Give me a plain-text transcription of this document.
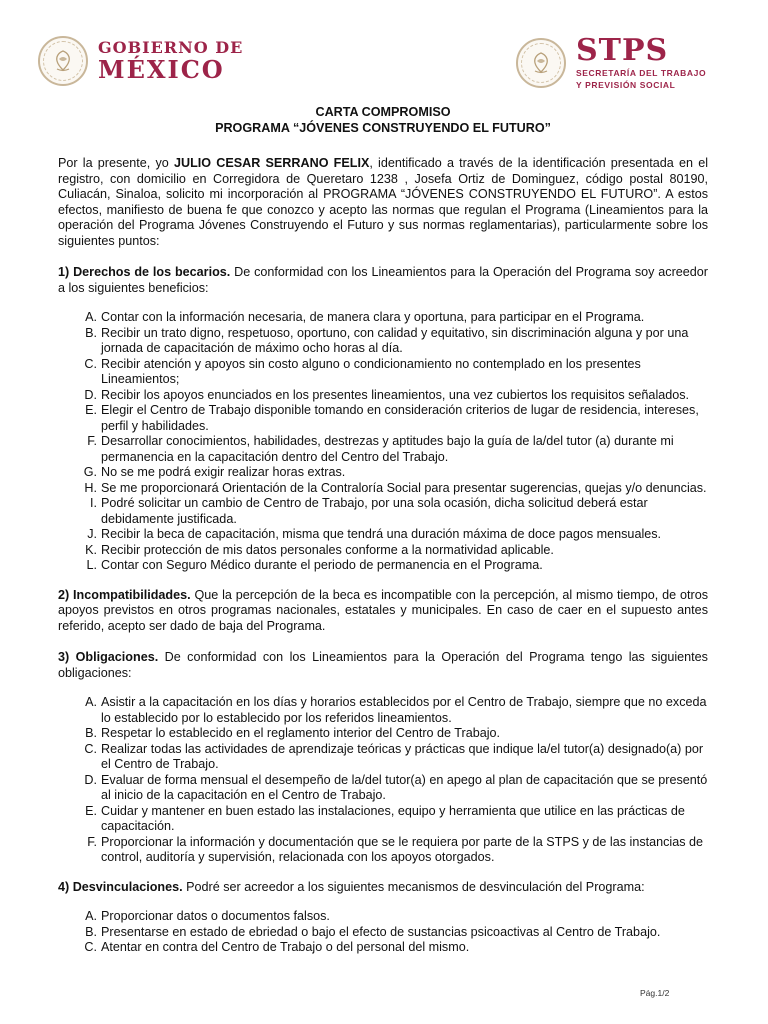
GOBIERNO DE
MÉXICO
STPS
SECRETARÍA DEL TRABAJO
Y PREVISIÓN SOCIAL
CARTA COMPROMISO
PROGRAMA “JÓVENES CONSTRUYENDO EL FUTURO”

Por la presente, yo JULIO CESAR SERRANO FELIX, identificado a través de la identificación presentada en el registro, con domicilio en Corregidora de Queretaro 1238 , Josefa Ortiz de Dominguez, código postal 80190, Culiacán, Sinaloa, solicito mi incorporación al PROGRAMA “JÓVENES CONSTRUYENDO EL FUTURO”. A estos efectos, manifiesto de buena fe que conozco y acepto las normas que regulan el Programa (Lineamientos para la operación del Programa Jóvenes Construyendo el Futuro y sus normas reglamentarias), particularmente sobre los siguientes puntos:

1) Derechos de los becarios. De conformidad con los Lineamientos para la Operación del Programa soy acreedor a los siguientes beneficios:

A. Contar con la información necesaria, de manera clara y oportuna, para participar en el Programa.
B. Recibir un trato digno, respetuoso, oportuno, con calidad y equitativo, sin discriminación alguna y por una jornada de capacitación de máximo ocho horas al día.
C. Recibir atención y apoyos sin costo alguno o condicionamiento no contemplado en los presentes Lineamientos;
D. Recibir los apoyos enunciados en los presentes lineamientos, una vez cubiertos los requisitos señalados.
E. Elegir el Centro de Trabajo disponible tomando en consideración criterios de lugar de residencia, intereses, perfil y habilidades.
F. Desarrollar conocimientos, habilidades, destrezas y aptitudes bajo la guía de la/del tutor (a) durante mi permanencia en la capacitación dentro del Centro del Trabajo.
G. No se me podrá exigir realizar horas extras.
H. Se me proporcionará Orientación de la Contraloría Social para presentar sugerencias, quejas y/o denuncias.
I. Podré solicitar un cambio de Centro de Trabajo, por una sola ocasión, dicha solicitud deberá estar debidamente justificada.
J. Recibir la beca de capacitación, misma que tendrá una duración máxima de doce pagos mensuales.
K. Recibir protección de mis datos personales conforme a la normatividad aplicable.
L. Contar con Seguro Médico durante el periodo de permanencia en el Programa.

2) Incompatibilidades. Que la percepción de la beca es incompatible con la percepción, al mismo tiempo, de otros apoyos previstos en otros programas nacionales, estatales y municipales. En caso de caer en el supuesto antes referido, acepto ser dado de baja del Programa.

3) Obligaciones. De conformidad con los Lineamientos para la Operación del Programa tengo las siguientes obligaciones:

A. Asistir a la capacitación en los días y horarios establecidos por el Centro de Trabajo, siempre que no exceda lo establecido por lo establecido por los referidos lineamientos.
B. Respetar lo establecido en el reglamento interior del Centro de Trabajo.
C. Realizar todas las actividades de aprendizaje teóricas y prácticas que indique la/el tutor(a) designado(a) por el Centro de Trabajo.
D. Evaluar de forma mensual el desempeño de la/del tutor(a) en apego al plan de capacitación que se presentó al inicio de la capacitación en el Centro de Trabajo.
E. Cuidar y mantener en buen estado las instalaciones, equipo y herramienta que utilice en las prácticas de capacitación.
F. Proporcionar la información y documentación que se le requiera por parte de la STPS y de las instancias de control, auditoría y supervisión, relacionada con los apoyos otorgados.

4) Desvinculaciones. Podré ser acreedor a los siguientes mecanismos de desvinculación del Programa:

A. Proporcionar datos o documentos falsos.
B. Presentarse en estado de ebriedad o bajo el efecto de sustancias psicoactivas al Centro de Trabajo.
C. Atentar en contra del Centro de Trabajo o del personal del mismo.
Pág.1/2
